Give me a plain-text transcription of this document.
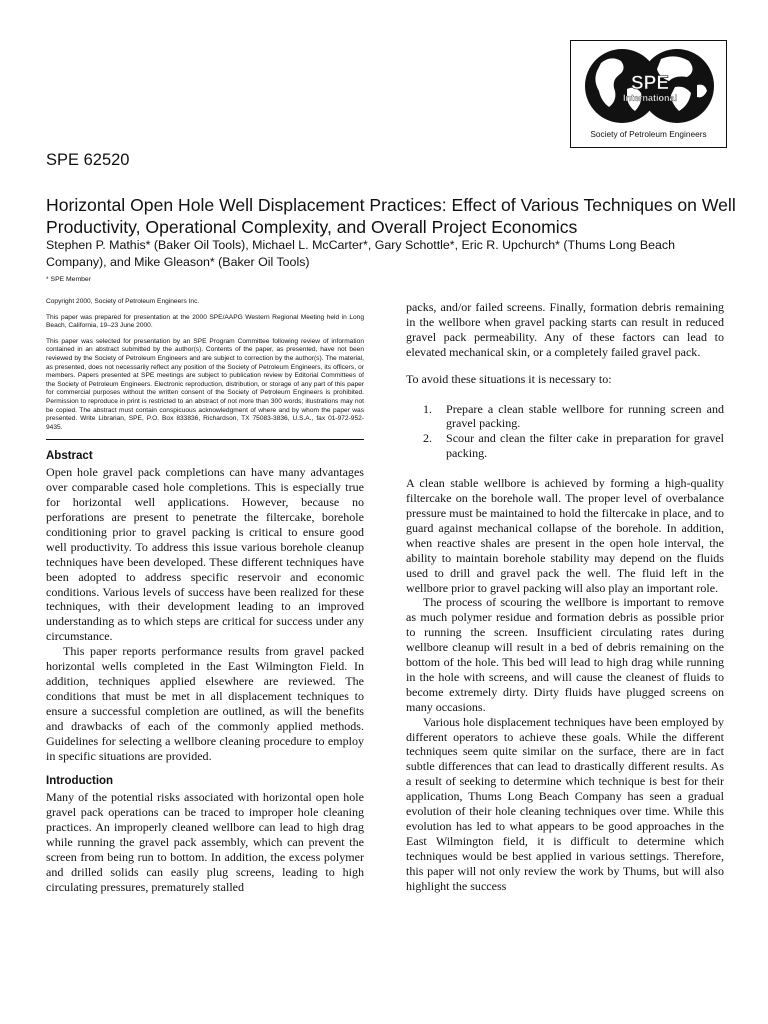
SPE
International
Society of Petroleum Engineers
SPE 62520
Horizontal Open Hole Well Displacement Practices: Effect of Various Techniques on Well Productivity, Operational Complexity, and Overall Project Economics

Stephen P. Mathis* (Baker Oil Tools), Michael L. McCarter*, Gary Schottle*, Eric R. Upchurch* (Thums Long Beach Company), and Mike Gleason* (Baker Oil Tools)

* SPE Member

Copyright 2000, Society of Petroleum Engineers Inc.

This paper was prepared for presentation at the 2000 SPE/AAPG Western Regional Meeting held in Long Beach, California, 19–23 June 2000.

This paper was selected for presentation by an SPE Program Committee following review of information contained in an abstract submitted by the author(s). Contents of the paper, as presented, have not been reviewed by the Society of Petroleum Engineers and are subject to correction by the author(s). The material, as presented, does not necessarily reflect any position of the Society of Petroleum Engineers, its officers, or members. Papers presented at SPE meetings are subject to publication review by Editorial Committees of the Society of Petroleum Engineers. Electronic reproduction, distribution, or storage of any part of this paper for commercial purposes without the written consent of the Society of Petroleum Engineers is prohibited. Permission to reproduce in print is restricted to an abstract of not more than 300 words; illustrations may not be copied. The abstract must contain conspicuous acknowledgment of where and by whom the paper was presented. Write Librarian, SPE, P.O. Box 833836, Richardson, TX 75083-3836, U.S.A., fax 01-972-952-9435.

Abstract

Open hole gravel pack completions can have many advantages over comparable cased hole completions. This is especially true for horizontal well applications. However, because no perforations are present to penetrate the filtercake, borehole conditioning prior to gravel packing is critical to ensure good well productivity. To address this issue various borehole cleanup techniques have been developed. These different techniques have been adopted to address specific reservoir and economic conditions. Various levels of success have been realized for these techniques, with their development leading to an improved understanding as to which steps are critical for success under any circumstance.

This paper reports performance results from gravel packed horizontal wells completed in the East Wilmington Field. In addition, techniques applied elsewhere are reviewed. The conditions that must be met in all displacement techniques to ensure a successful completion are outlined, as will the benefits and drawbacks of each of the commonly applied methods. Guidelines for selecting a wellbore cleaning procedure to employ in specific situations are provided.

Introduction

Many of the potential risks associated with horizontal open hole gravel pack operations can be traced to improper hole cleaning practices. An improperly cleaned wellbore can lead to high drag while running the gravel pack assembly, which can prevent the screen from being run to bottom. In addition, the excess polymer and drilled solids can easily plug screens, leading to high circulating pressures, prematurely stalled

packs, and/or failed screens. Finally, formation debris remaining in the wellbore when gravel packing starts can result in reduced gravel pack permeability. Any of these factors can lead to elevated mechanical skin, or a completely failed gravel pack.

To avoid these situations it is necessary to:

1.	Prepare a clean stable wellbore for running screen and gravel packing.
2.	Scour and clean the filter cake in preparation for gravel packing.

A clean stable wellbore is achieved by forming a high-quality filtercake on the borehole wall. The proper level of overbalance pressure must be maintained to hold the filtercake in place, and to guard against mechanical collapse of the borehole. In addition, when reactive shales are present in the open hole interval, the ability to maintain borehole stability may depend on the fluids used to drill and gravel pack the well. The fluid left in the wellbore prior to gravel packing will also play an important role.

The process of scouring the wellbore is important to remove as much polymer residue and formation debris as possible prior to running the screen. Insufficient circulating rates during wellbore cleanup will result in a bed of debris remaining on the bottom of the hole. This bed will lead to high drag while running in the hole with screens, and will cause the cleanest of fluids to become extremely dirty. Dirty fluids have plugged screens on many occasions.

Various hole displacement techniques have been employed by different operators to achieve these goals. While the different techniques seem quite similar on the surface, there are in fact subtle differences that can lead to drastically different results. As a result of seeking to determine which technique is best for their application, Thums Long Beach Company has seen a gradual evolution of their hole cleaning techniques over time. While this evolution has led to what appears to be good approaches in the East Wilmington field, it is difficult to determine which techniques would be best applied in various settings. Therefore, this paper will not only review the work by Thums, but will also highlight the success
